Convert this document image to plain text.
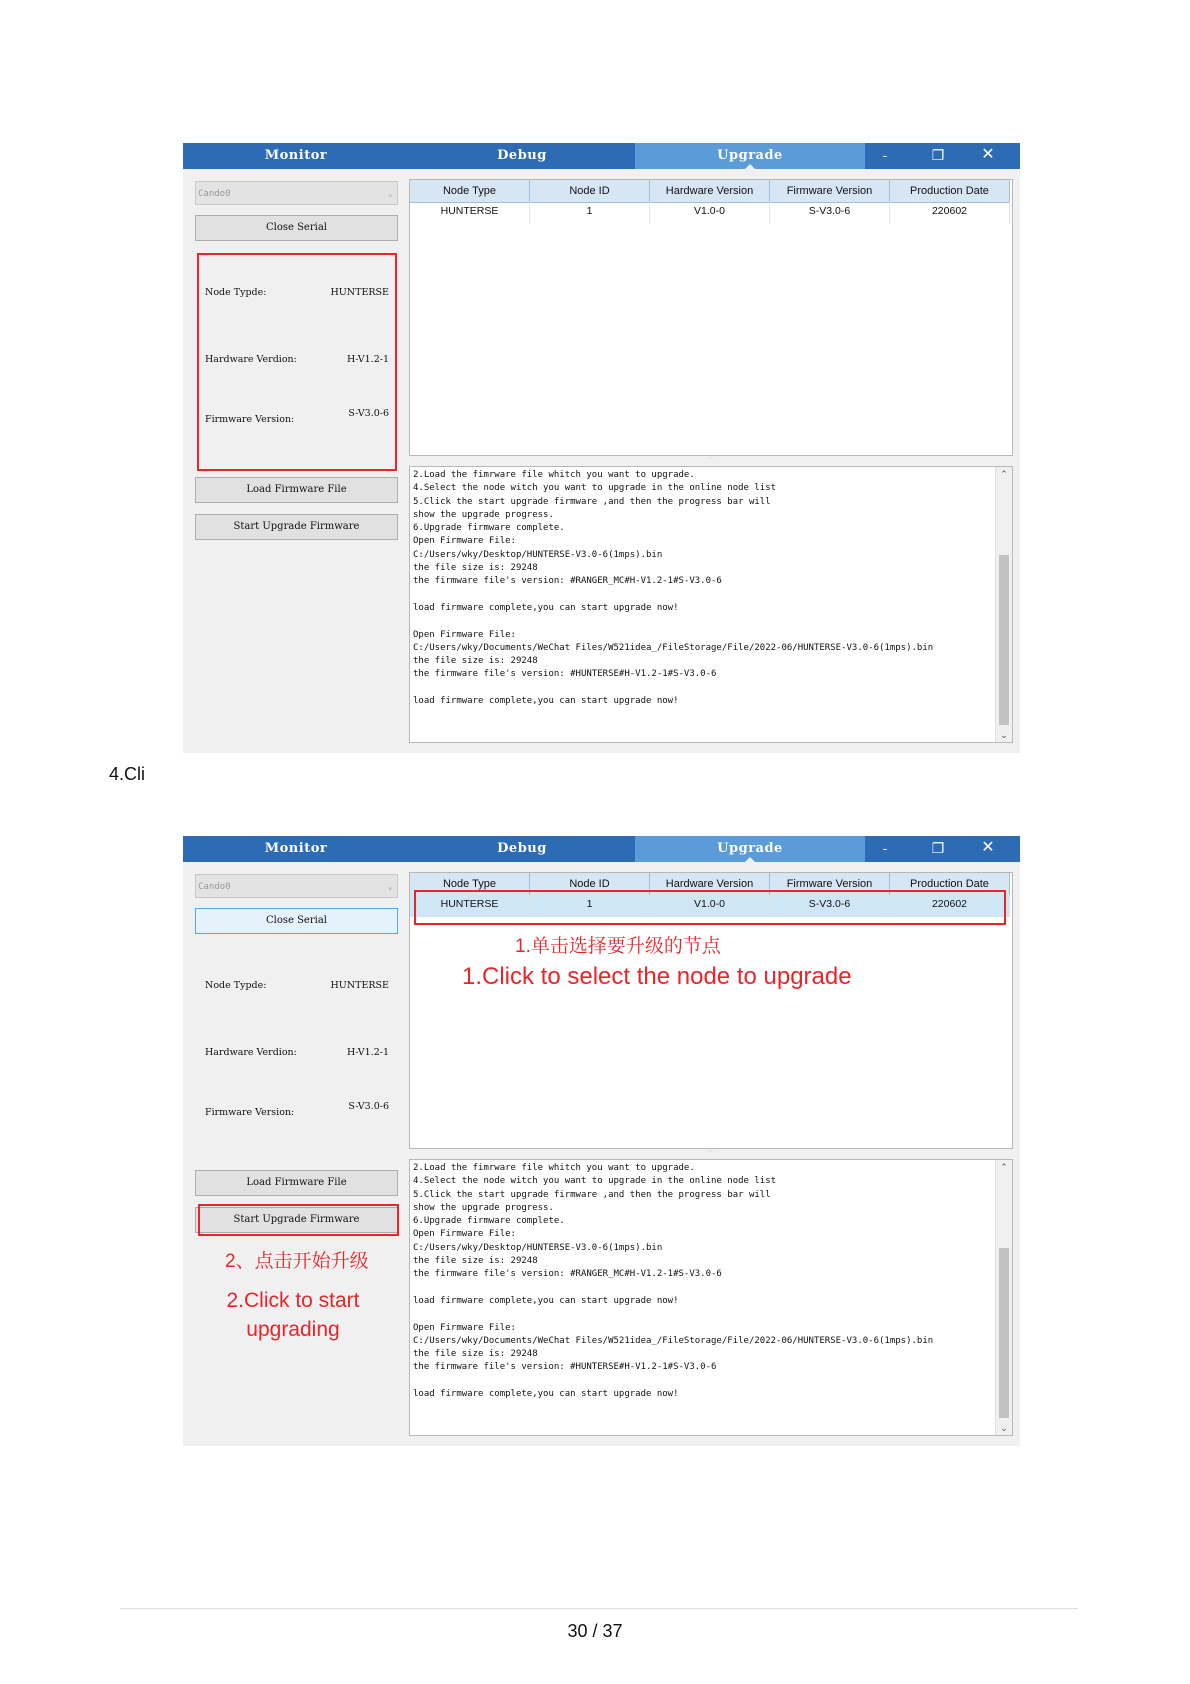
Monitor	Debug	Upgrade	-	❐	✕
Cando0	⌄
Close Serial
Node Typde:	HUNTERSE
Hardware Verdion:	H-V1.2-1
Firmware Version:
S-V3.0-6
Load Firmware File
Start Upgrade Firmware
Node Type	Node ID	Hardware Version	Firmware Version	Production Date
HUNTERSE	1	V1.0-0	S-V3.0-6	220602
⋯
2.Load the fimrware file whitch you want to upgrade.
4.Select the node witch you want to upgrade in the online node list
5.Click the start upgrade firmware ,and then the progress bar will
show the upgrade progress.
6.Upgrade firmware complete.
Open Firmware File:
C:/Users/wky/Desktop/HUNTERSE-V3.0-6(1mps).bin
the file size is: 29248
the firmware file's version: #RANGER_MC#H-V1.2-1#S-V3.0-6

load firmware complete,you can start upgrade now!

Open Firmware File:
C:/Users/wky/Documents/WeChat Files/W521idea_/FileStorage/File/2022-06/HUNTERSE-V3.0-6(1mps).bin
the file size is: 29248
the firmware file's version: #HUNTERSE#H-V1.2-1#S-V3.0-6

load firmware complete,you can start upgrade now!
⌃
⌄
4.Cli
Monitor	Debug	Upgrade	-	❐	✕
Cando0	⌄
Close Serial
Node Typde:	HUNTERSE
Hardware Verdion:	H-V1.2-1
Firmware Version:
S-V3.0-6
Load Firmware File
Start Upgrade Firmware
2、点击开始升级
2.Click to start
upgrading
Node Type	Node ID	Hardware Version	Firmware Version	Production Date
HUNTERSE	1	V1.0-0	S-V3.0-6	220602
1.单击选择要升级的节点
1.Click to select the node to upgrade
⋯
2.Load the fimrware file whitch you want to upgrade.
4.Select the node witch you want to upgrade in the online node list
5.Click the start upgrade firmware ,and then the progress bar will
show the upgrade progress.
6.Upgrade firmware complete.
Open Firmware File:
C:/Users/wky/Desktop/HUNTERSE-V3.0-6(1mps).bin
the file size is: 29248
the firmware file's version: #RANGER_MC#H-V1.2-1#S-V3.0-6

load firmware complete,you can start upgrade now!

Open Firmware File:
C:/Users/wky/Documents/WeChat Files/W521idea_/FileStorage/File/2022-06/HUNTERSE-V3.0-6(1mps).bin
the file size is: 29248
the firmware file's version: #HUNTERSE#H-V1.2-1#S-V3.0-6

load firmware complete,you can start upgrade now!
⌃
⌄
30 / 37
